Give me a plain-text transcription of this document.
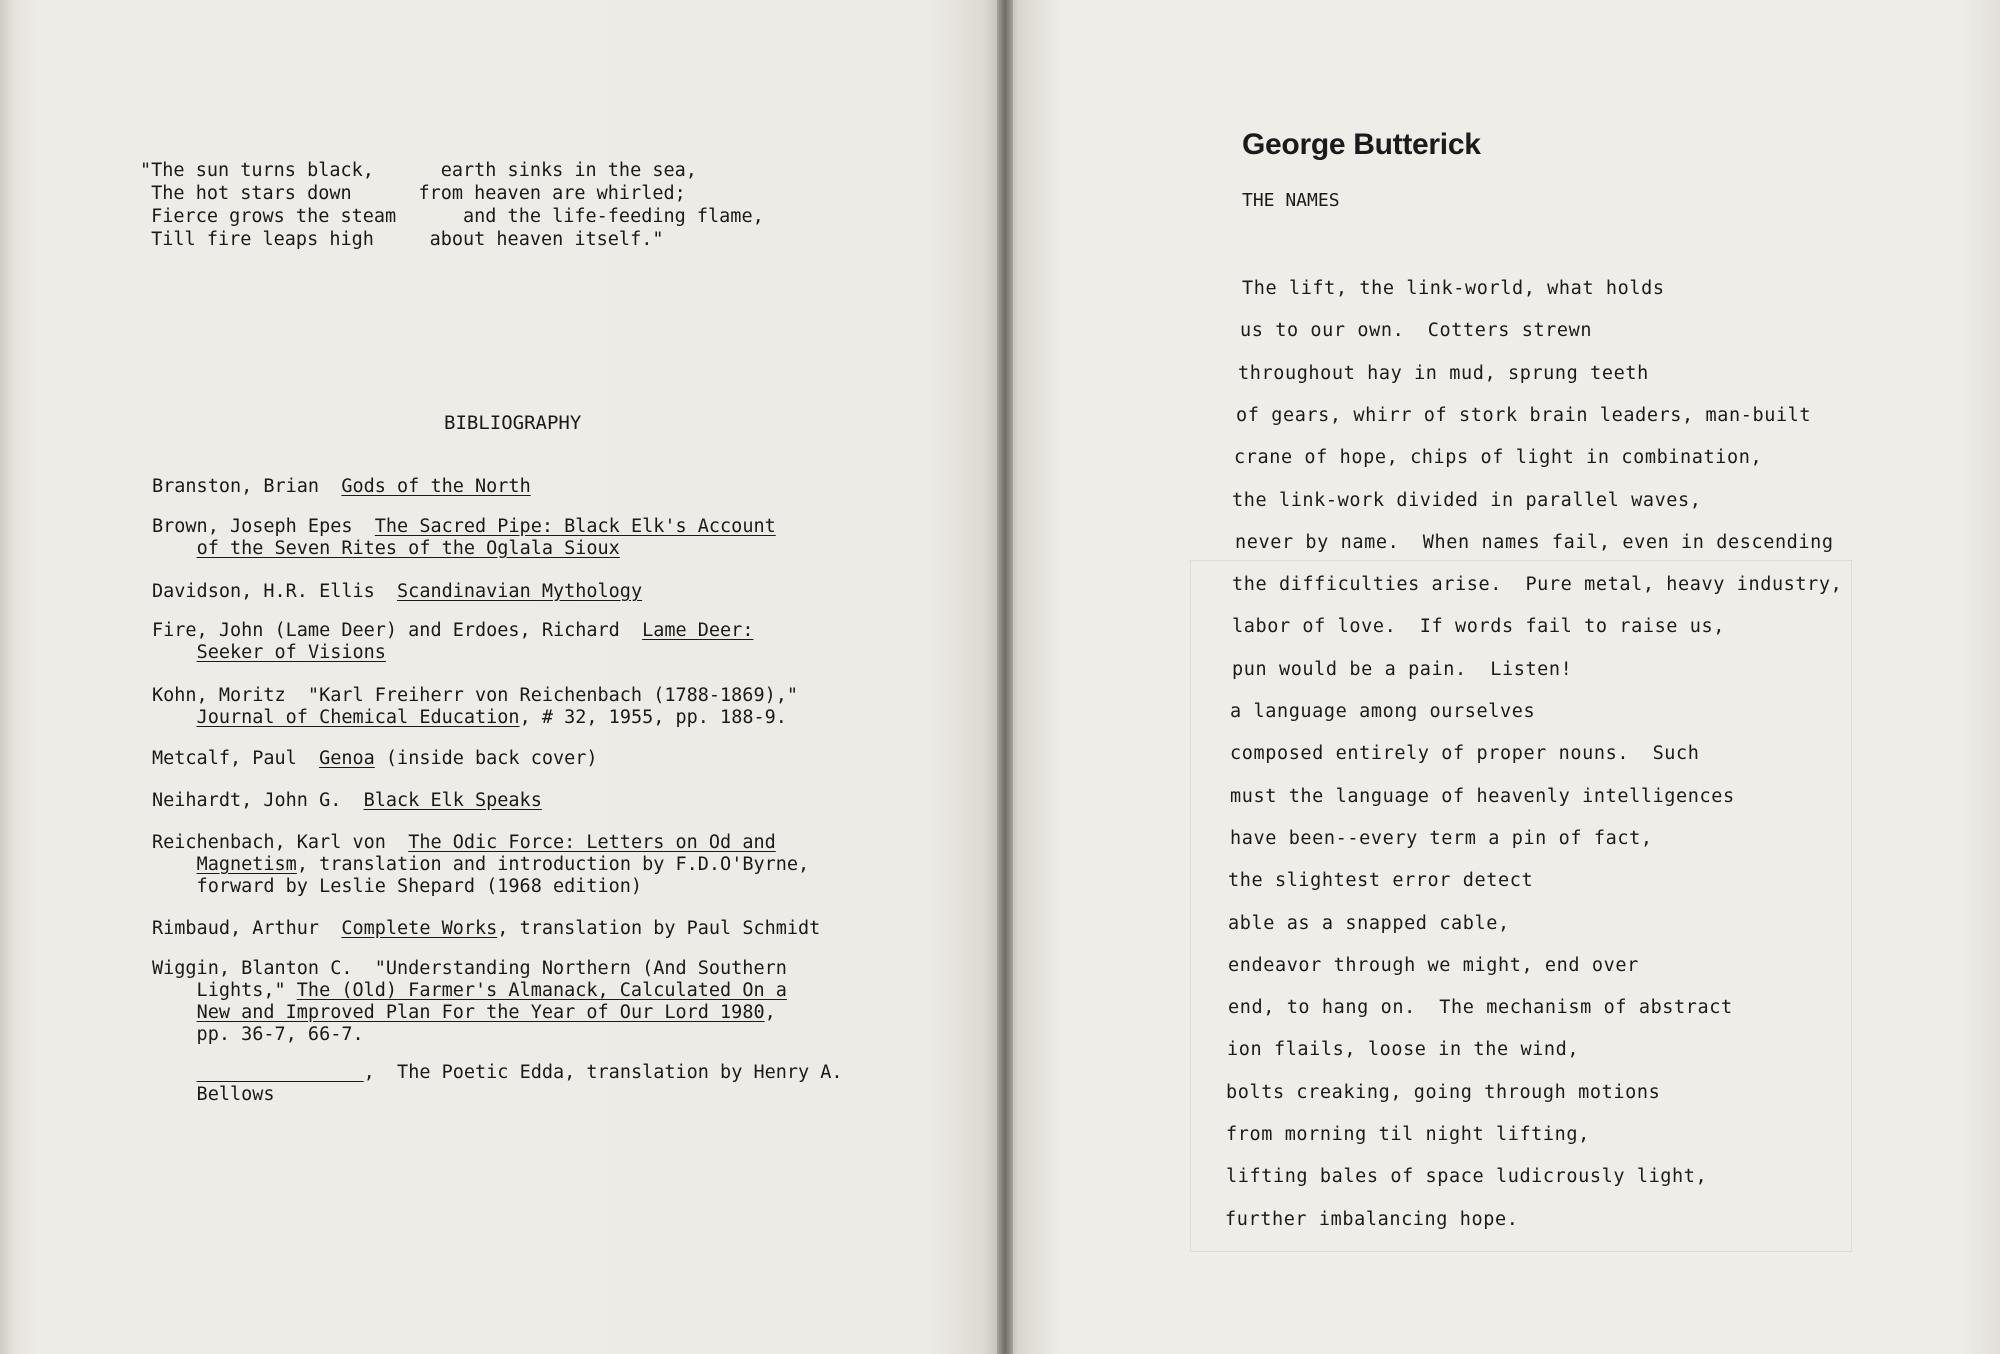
"The sun turns black,      earth sinks in the sea,
The hot stars down      from heaven are whirled;
Fierce grows the steam      and the life-feeding flame,
Till fire leaps high     about heaven itself."
BIBLIOGRAPHY
Branston, Brian  Gods of the North
Brown, Joseph Epes  The Sacred Pipe: Black Elk's Account
of the Seven Rites of the Oglala Sioux
Davidson, H.R. Ellis  Scandinavian Mythology
Fire, John (Lame Deer) and Erdoes, Richard  Lame Deer:
Seeker of Visions
Kohn, Moritz  "Karl Freiherr von Reichenbach (1788-1869),"
Journal of Chemical Education, # 32, 1955, pp. 188-9.
Metcalf, Paul  Genoa (inside back cover)
Neihardt, John G.  Black Elk Speaks
Reichenbach, Karl von  The Odic Force: Letters on Od and
Magnetism, translation and introduction by F.D.O'Byrne,
forward by Leslie Shepard (1968 edition)
Rimbaud, Arthur  Complete Works, translation by Paul Schmidt
Wiggin, Blanton C.  "Understanding Northern (And Southern
Lights," The (Old) Farmer's Almanack, Calculated On a
New and Improved Plan For the Year of Our Lord 1980,
pp. 36-7, 66-7.
,  The Poetic Edda, translation by Henry A.
Bellows
George Butterick
THE NAMES
The lift, the link-world, what holds
us to our own.  Cotters strewn
throughout hay in mud, sprung teeth
of gears, whirr of stork brain leaders, man-built
crane of hope, chips of light in combination,
the link-work divided in parallel waves,
never by name.  When names fail, even in descending
the difficulties arise.  Pure metal, heavy industry,
labor of love.  If words fail to raise us,
pun would be a pain.  Listen!
a language among ourselves
composed entirely of proper nouns.  Such
must the language of heavenly intelligences
have been--every term a pin of fact,
the slightest error detect
able as a snapped cable,
endeavor through we might, end over
end, to hang on.  The mechanism of abstract
ion flails, loose in the wind,
bolts creaking, going through motions
from morning til night lifting,
lifting bales of space ludicrously light,
further imbalancing hope.
